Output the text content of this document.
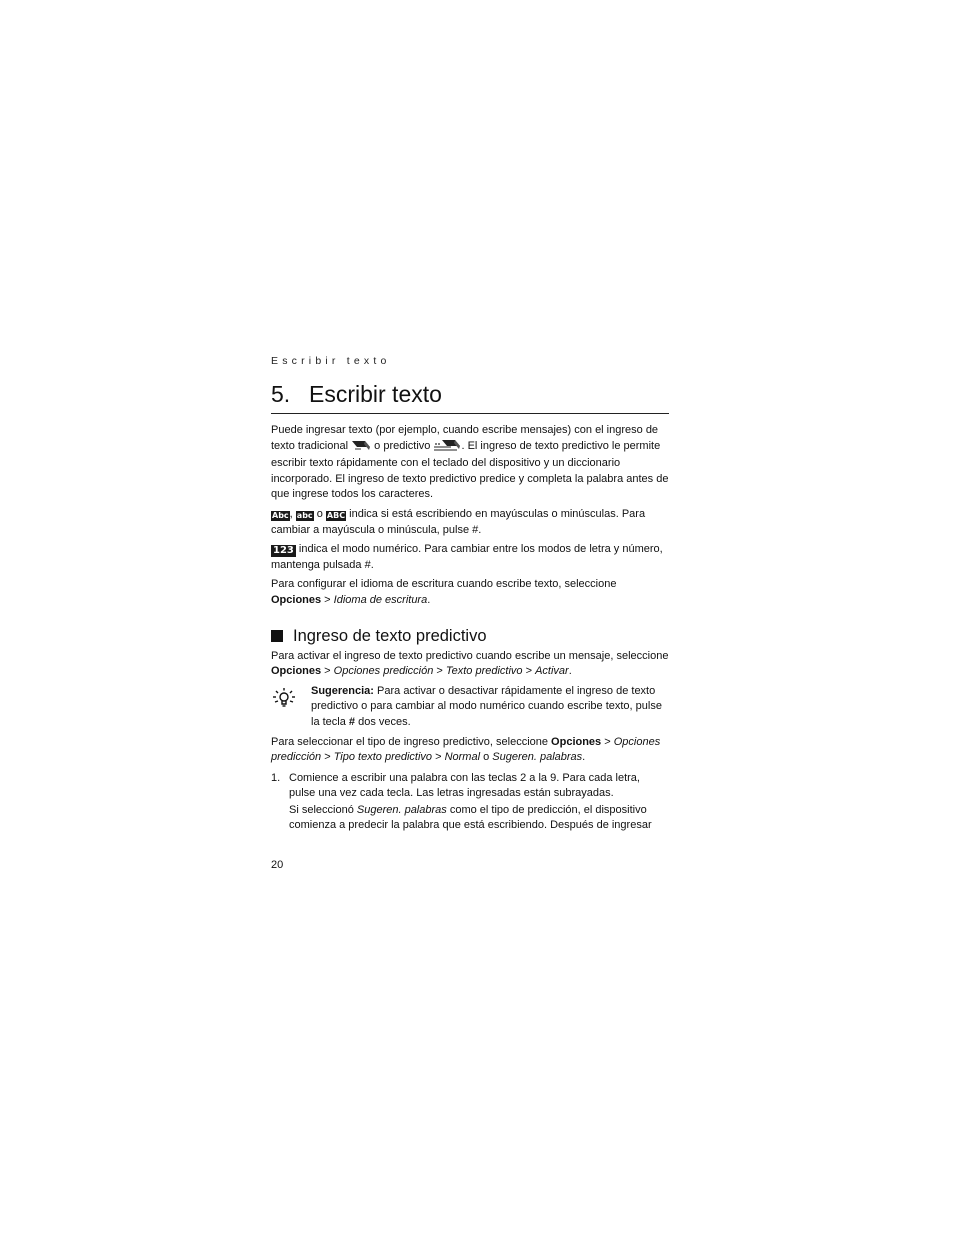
Escribir texto
5. Escribir texto

Puede ingresar texto (por ejemplo, cuando escribe mensajes) con el ingreso de texto tradicional  o predictivo	. El ingreso de texto predictivo le permite escribir texto rápidamente con el teclado del dispositivo y un diccionario incorporado. El ingreso de texto predictivo predice y completa la palabra antes de que ingrese todos los caracteres.

Abc, abc o ABC indica si está escribiendo en mayúsculas o minúsculas. Para cambiar a mayúscula o minúscula, pulse #.

123 indica el modo numérico. Para cambiar entre los modos de letra y número, mantenga pulsada #.

Para configurar el idioma de escritura cuando escribe texto, seleccione Opciones > Idioma de escritura.

Ingreso de texto predictivo

Para activar el ingreso de texto predictivo cuando escribe un mensaje, seleccione Opciones > Opciones predicción > Texto predictivo > Activar.

Sugerencia: Para activar o desactivar rápidamente el ingreso de texto predictivo o para cambiar al modo numérico cuando escribe texto, pulse la tecla # dos veces.

Para seleccionar el tipo de ingreso predictivo, seleccione Opciones > Opciones predicción > Tipo texto predictivo > Normal o Sugeren. palabras.

1. Comience a escribir una palabra con las teclas 2 a la 9. Para cada letra, pulse una vez cada tecla. Las letras ingresadas están subrayadas.

Si seleccionó Sugeren. palabras como el tipo de predicción, el dispositivo comienza a predecir la palabra que está escribiendo. Después de ingresar

20
